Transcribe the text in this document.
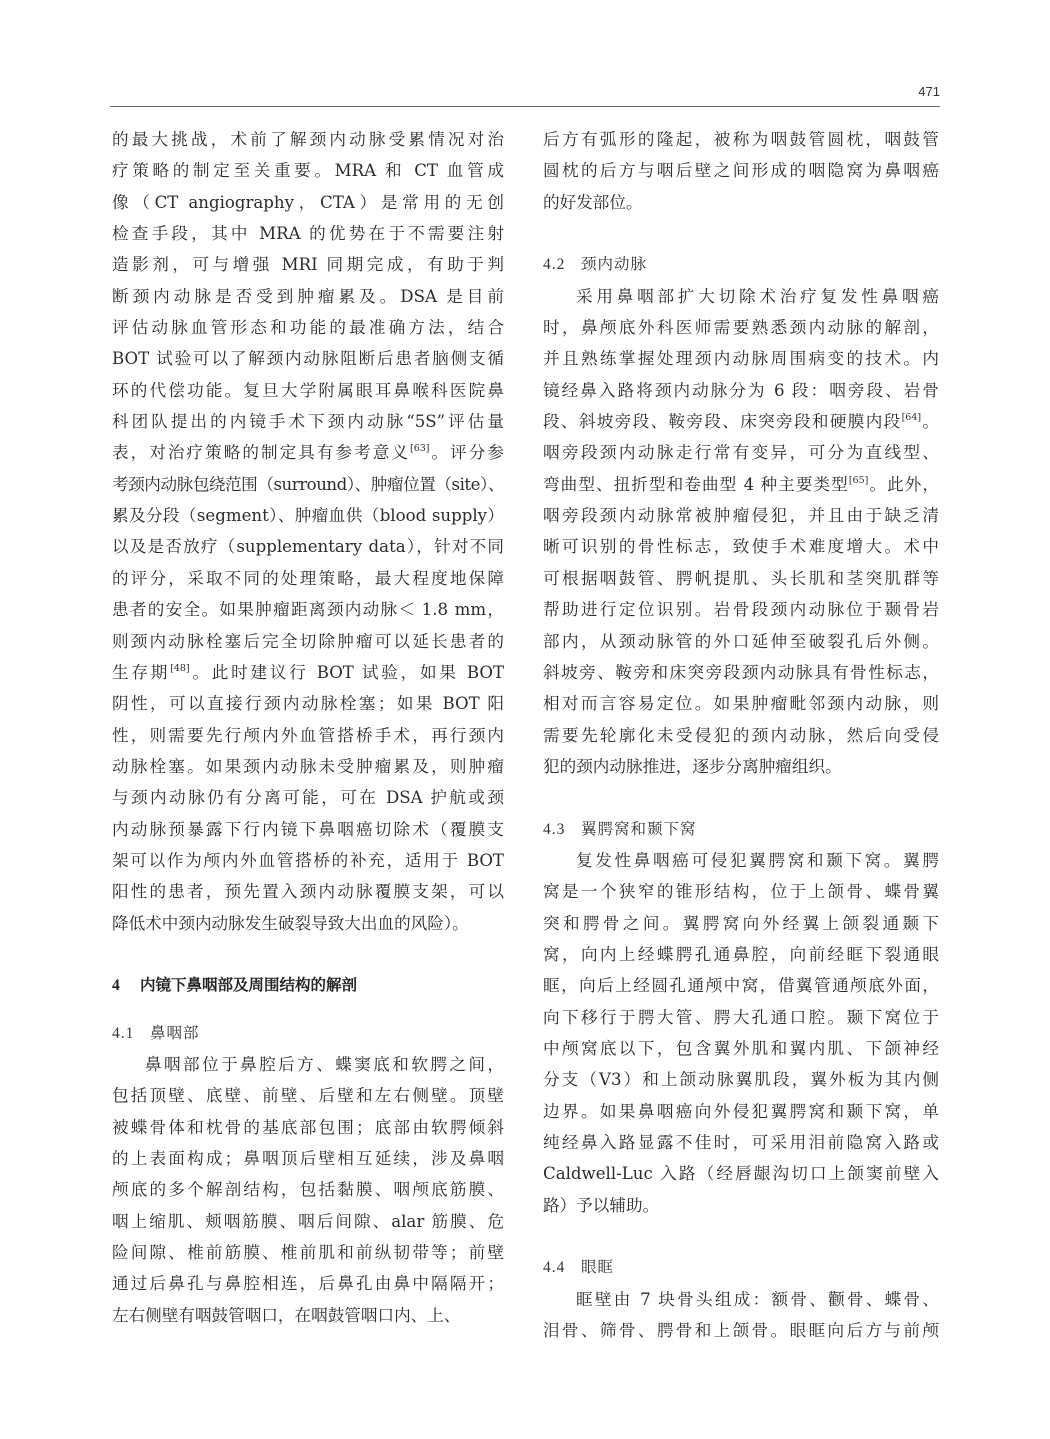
471
的最大挑战，术前了解颈内动脉受累情况对治
疗策略的制定至关重要。MRA 和 CT 血管成
像（CT angiography，CTA）是常用的无创
检查手段，其中 MRA 的优势在于不需要注射
造影剂，可与增强 MRI 同期完成，有助于判
断颈内动脉是否受到肿瘤累及。DSA 是目前
评估动脉血管形态和功能的最准确方法，结合
BOT 试验可以了解颈内动脉阻断后患者脑侧支循
环的代偿功能。复旦大学附属眼耳鼻喉科医院鼻
科团队提出的内镜手术下颈内动脉“5S”评估量
表，对治疗策略的制定具有参考意义[63]。评分参
考颈内动脉包绕范围（surround）、肿瘤位置（site）、
累及分段（segment）、肿瘤血供（blood supply）
以及是否放疗（supplementary data），针对不同
的评分，采取不同的处理策略，最大程度地保障
患者的安全。如果肿瘤距离颈内动脉＜ 1.8 mm，
则颈内动脉栓塞后完全切除肿瘤可以延长患者的
生存期[48]。此时建议行 BOT 试验，如果 BOT
阴性，可以直接行颈内动脉栓塞；如果 BOT 阳
性，则需要先行颅内外血管搭桥手术，再行颈内
动脉栓塞。如果颈内动脉未受肿瘤累及，则肿瘤
与颈内动脉仍有分离可能，可在 DSA 护航或颈
内动脉预暴露下行内镜下鼻咽癌切除术（覆膜支
架可以作为颅内外血管搭桥的补充，适用于 BOT
阳性的患者，预先置入颈内动脉覆膜支架，可以
降低术中颈内动脉发生破裂导致大出血的风险）。
4 内镜下鼻咽部及周围结构的解剖
4.1 鼻咽部
鼻咽部位于鼻腔后方、蝶窦底和软腭之间，
包括顶壁、底壁、前壁、后壁和左右侧壁。顶壁
被蝶骨体和枕骨的基底部包围；底部由软腭倾斜
的上表面构成；鼻咽顶后壁相互延续，涉及鼻咽
颅底的多个解剖结构，包括黏膜、咽颅底筋膜、
咽上缩肌、颊咽筋膜、咽后间隙、alar 筋膜、危
险间隙、椎前筋膜、椎前肌和前纵韧带等；前壁
通过后鼻孔与鼻腔相连，后鼻孔由鼻中隔隔开；
左右侧壁有咽鼓管咽口，在咽鼓管咽口内、上、
后方有弧形的隆起，被称为咽鼓管圆枕，咽鼓管
圆枕的后方与咽后壁之间形成的咽隐窝为鼻咽癌
的好发部位。
4.2 颈内动脉
采用鼻咽部扩大切除术治疗复发性鼻咽癌
时，鼻颅底外科医师需要熟悉颈内动脉的解剖，
并且熟练掌握处理颈内动脉周围病变的技术。内
镜经鼻入路将颈内动脉分为 6 段：咽旁段、岩骨
段、斜坡旁段、鞍旁段、床突旁段和硬膜内段[64]。
咽旁段颈内动脉走行常有变异，可分为直线型、
弯曲型、扭折型和卷曲型 4 种主要类型[65]。此外，
咽旁段颈内动脉常被肿瘤侵犯，并且由于缺乏清
晰可识别的骨性标志，致使手术难度增大。术中
可根据咽鼓管、腭帆提肌、头长肌和茎突肌群等
帮助进行定位识别。岩骨段颈内动脉位于颞骨岩
部内，从颈动脉管的外口延伸至破裂孔后外侧。
斜坡旁、鞍旁和床突旁段颈内动脉具有骨性标志，
相对而言容易定位。如果肿瘤毗邻颈内动脉，则
需要先轮廓化未受侵犯的颈内动脉，然后向受侵
犯的颈内动脉推进，逐步分离肿瘤组织。
4.3 翼腭窝和颞下窝
复发性鼻咽癌可侵犯翼腭窝和颞下窝。翼腭
窝是一个狭窄的锥形结构，位于上颌骨、蝶骨翼
突和腭骨之间。翼腭窝向外经翼上颌裂通颞下
窝，向内上经蝶腭孔通鼻腔，向前经眶下裂通眼
眶，向后上经圆孔通颅中窝，借翼管通颅底外面，
向下移行于腭大管、腭大孔通口腔。颞下窝位于
中颅窝底以下，包含翼外肌和翼内肌、下颌神经
分支（V3）和上颌动脉翼肌段，翼外板为其内侧
边界。如果鼻咽癌向外侵犯翼腭窝和颞下窝，单
纯经鼻入路显露不佳时，可采用泪前隐窝入路或
Caldwell-Luc 入路（经唇龈沟切口上颌窦前壁入
路）予以辅助。
4.4 眼眶
眶壁由 7 块骨头组成：额骨、颧骨、蝶骨、
泪骨、筛骨、腭骨和上颌骨。眼眶向后方与前颅
